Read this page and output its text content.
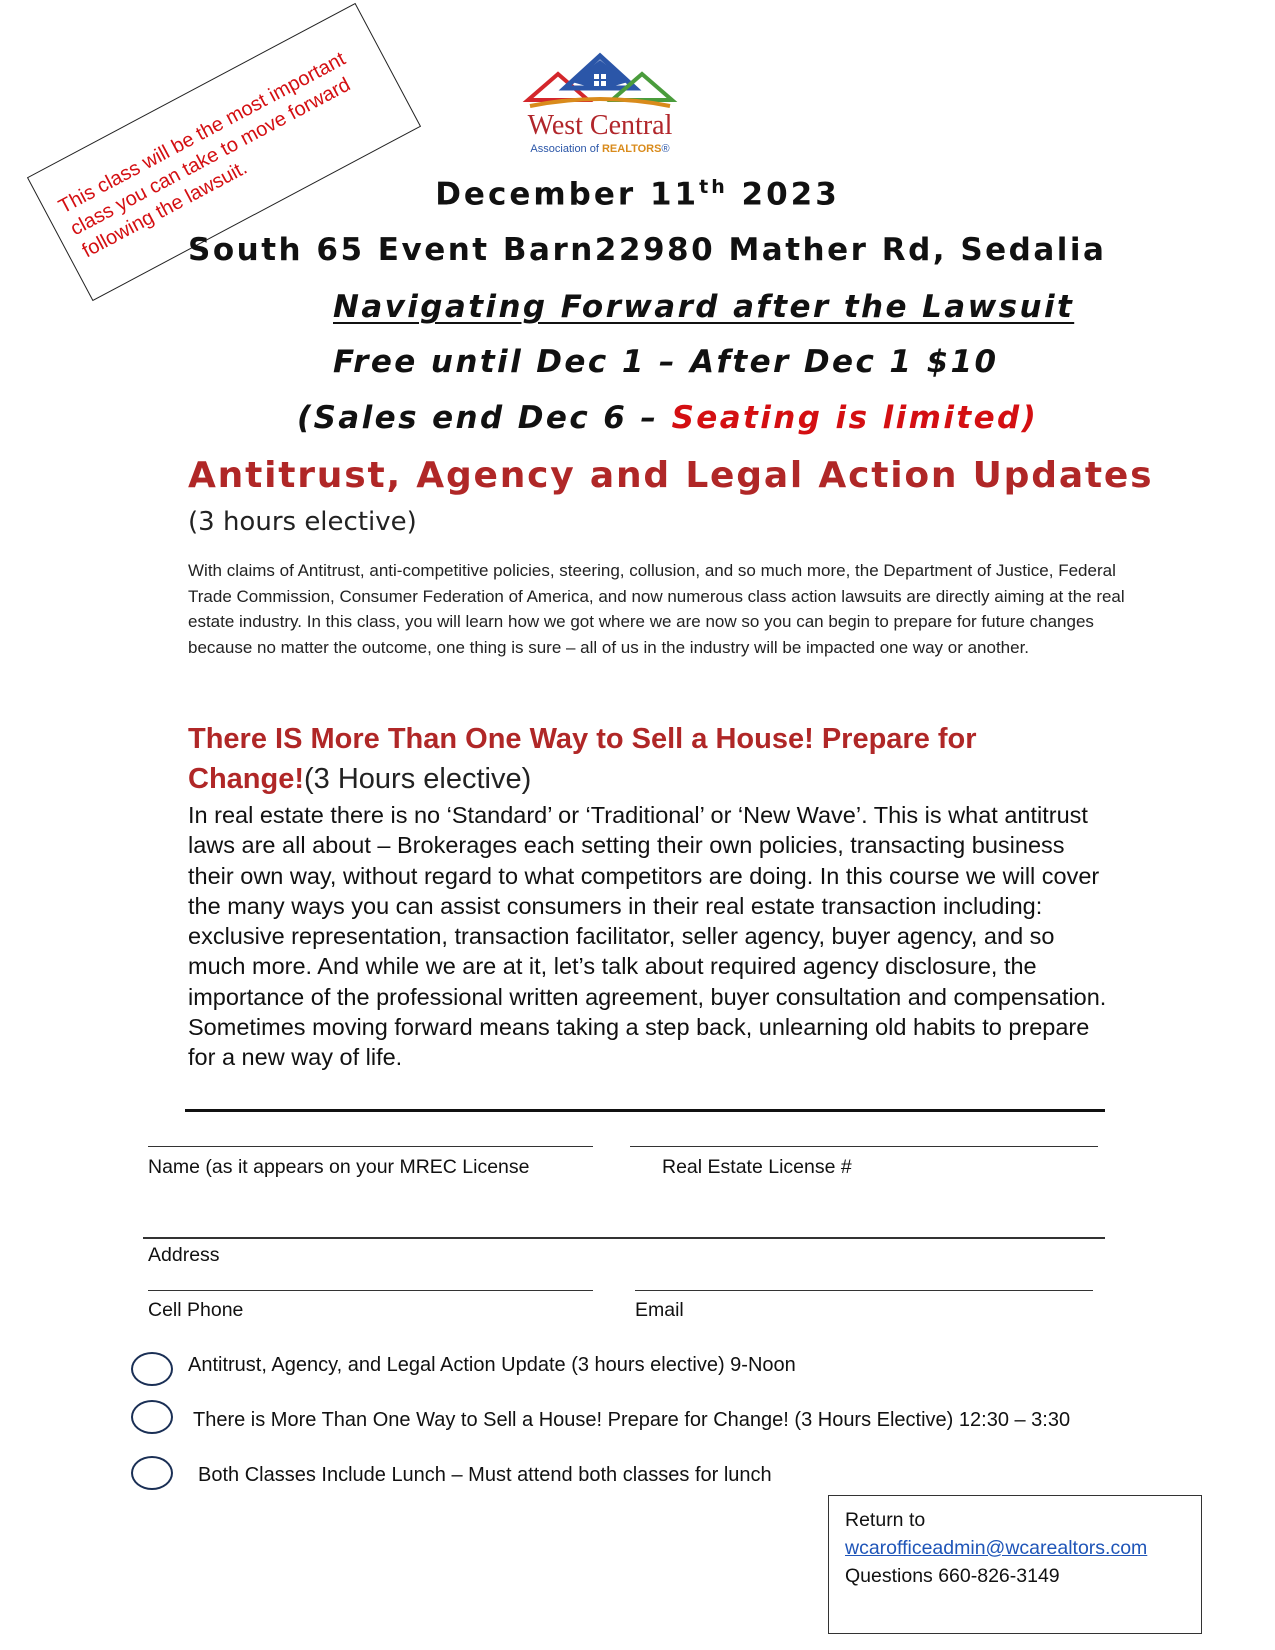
This class will be the most important class you can take to move forward following the lawsuit.
West Central
Association of REALTORS®
December 11th 2023
South 65 Event Barn22980 Mather Rd, Sedalia
Navigating Forward after the Lawsuit
Free until Dec 1 – After Dec 1 $10
(Sales end Dec 6 – Seating is limited)
Antitrust, Agency and Legal Action Updates
(3 hours elective)
With claims of Antitrust, anti-competitive policies, steering, collusion, and so much more, the Department of Justice, Federal Trade Commission, Consumer Federation of America, and now numerous class action lawsuits are directly aiming at the real estate industry. In this class, you will learn how we got where we are now so you can begin to prepare for future changes because no matter the outcome, one thing is sure – all of us in the industry will be impacted one way or another.
There IS More Than One Way to Sell a House! Prepare for Change!(3 Hours elective)
In real estate there is no ‘Standard’ or ‘Traditional’ or ‘New Wave’. This is what antitrust laws are all about – Brokerages each setting their own policies, transacting business their own way, without regard to what competitors are doing. In this course we will cover the many ways you can assist consumers in their real estate transaction including: exclusive representation, transaction facilitator, seller agency, buyer agency, and so much more. And while we are at it, let’s talk about required agency disclosure, the importance of the professional written agreement, buyer consultation and compensation. Sometimes moving forward means taking a step back, unlearning old habits to prepare for a new way of life.
Name (as it appears on your MREC License	Real Estate License #
Address
Cell Phone	Email
Antitrust, Agency, and Legal Action Update (3 hours elective) 9-Noon
There is More Than One Way to Sell a House! Prepare for Change! (3 Hours Elective) 12:30 – 3:30
Both Classes Include Lunch – Must attend both classes for lunch
Return to
wcarofficeadmin@wcarealtors.com
Questions 660-826-3149
